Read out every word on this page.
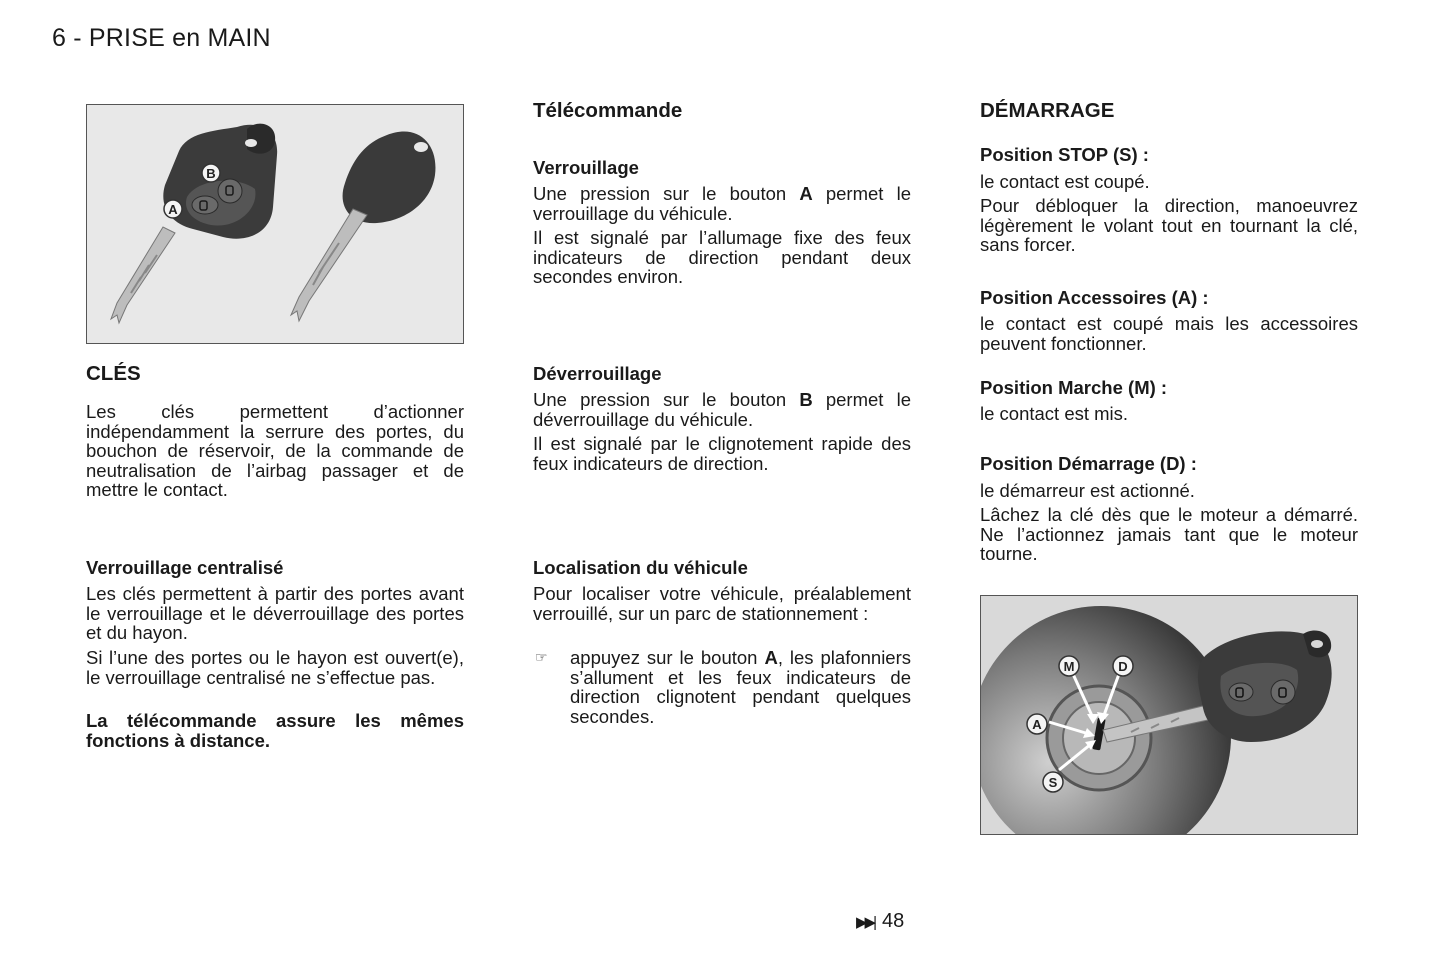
6 - PRISE en MAIN
B
A
CLÉS

Les clés permettent d’actionner indépendamment la serrure des portes, du bouchon de réservoir, de la commande de neutralisation de l’airbag passager et de mettre le contact.

Verrouillage centralisé

Les clés permettent à partir des portes avant le verrouillage et le déverrouillage des portes et du hayon.

Si l’une des portes ou le hayon est ouvert(e), le verrouillage centralisé ne s’effectue pas.

La télécommande assure les mêmes fonctions à distance.

Télécommande
Verrouillage

Une pression sur le bouton A permet le verrouillage du véhicule.

Il est signalé par l’allumage fixe des feux indicateurs de direction pendant deux secondes environ.

Déverrouillage

Une pression sur le bouton B permet le déverrouillage du véhicule.

Il est signalé par le clignotement rapide des feux indicateurs de direction.

Localisation du véhicule

Pour localiser votre véhicule, préalablement verrouillé, sur un parc de stationnement :

☞ appuyez sur le bouton A, les plafonniers s’allument et les feux indicateurs de direction clignotent pendant quelques secondes.

DÉMARRAGE
Position STOP (S) :

le contact est coupé.

Pour débloquer la direction, manoeuvrez légèrement le volant tout en tournant la clé, sans forcer.

Position Accessoires (A) :

le contact est coupé mais les accessoires peuvent fonctionner.

Position Marche (M) :

le contact est mis.

Position Démarrage (D) :

le démarreur est actionné.

Lâchez la clé dès que le moteur a démarré. Ne l’actionnez jamais tant que le moteur tourne.

M	D
A
S
▶▶| 48
